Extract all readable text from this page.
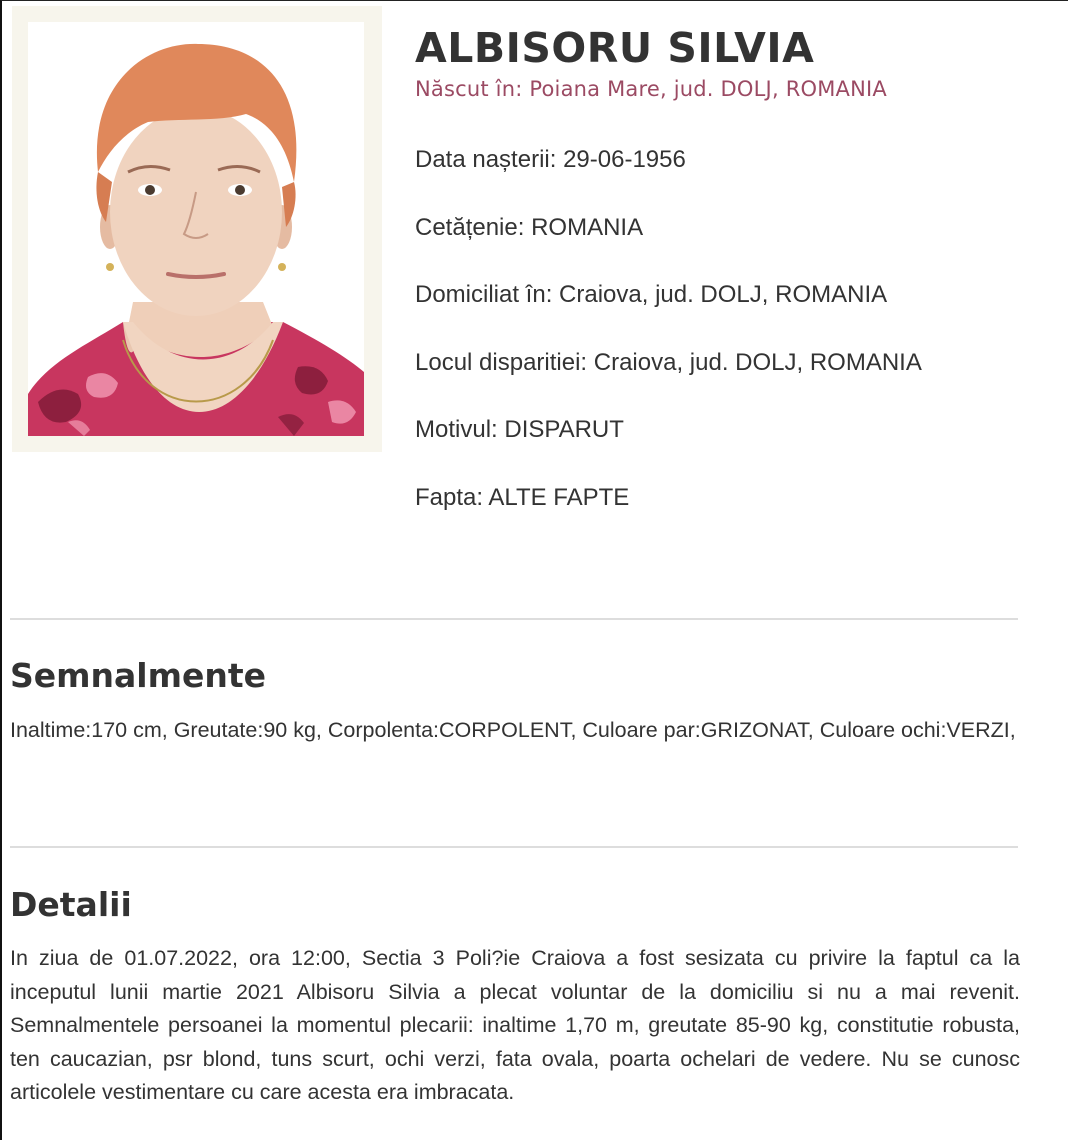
ALBISORU SILVIA
Născut în: Poiana Mare, jud. DOLJ, ROMANIA
Data nașterii: 29-06-1956
Cetățenie: ROMANIA
Domiciliat în: Craiova, jud. DOLJ, ROMANIA
Locul disparitiei: Craiova, jud. DOLJ, ROMANIA
Motivul: DISPARUT
Fapta: ALTE FAPTE
Semnalmente

Inaltime:170 cm, Greutate:90 kg, Corpolenta:CORPOLENT, Culoare par:GRIZONAT, Culoare ochi:VERZI,

Detalii

In ziua de 01.07.2022, ora 12:00, Sectia 3 Poli?ie Craiova a fost sesizata cu privire la faptul ca la inceputul lunii martie 2021 Albisoru Silvia a plecat voluntar de la domiciliu si nu a mai revenit. Semnalmentele persoanei la momentul plecarii: inaltime 1,70 m, greutate 85-90 kg, constitutie robusta, ten caucazian, psr blond, tuns scurt, ochi verzi, fata ovala, poarta ochelari de vedere. Nu se cunosc articolele vestimentare cu care acesta era imbracata.
